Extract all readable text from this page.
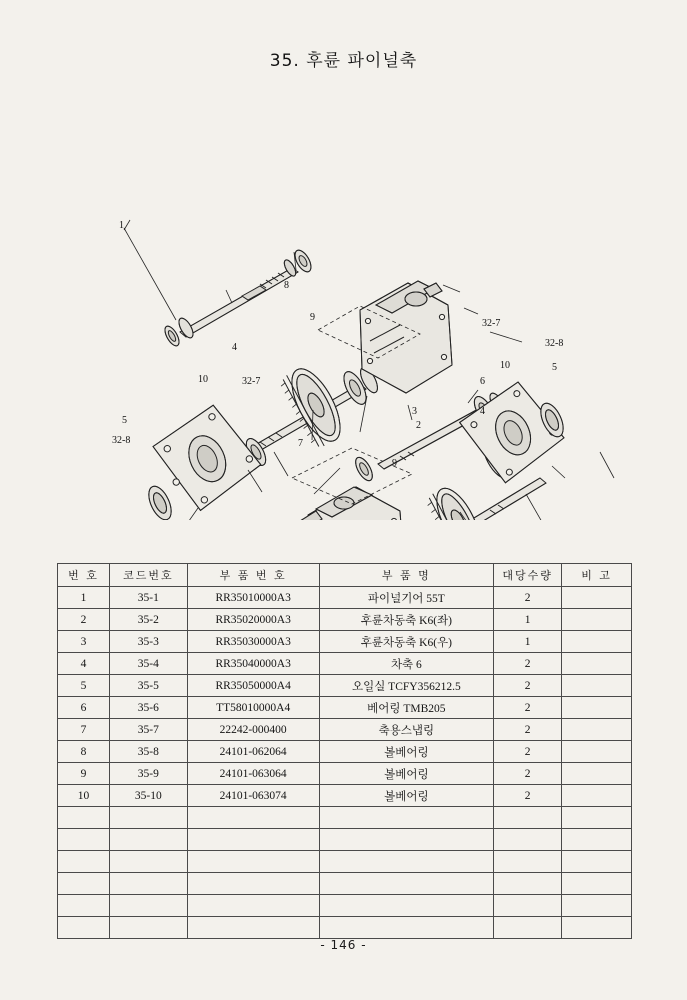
35. 후륜 파이널축
8
32-7
32-8
1
3
6
7
4
10
9
5
32-8
32-7
2
9
4
10	5
번 호	코드번호	부 품 번 호	부 품 명	대당수량	비 고
1	35-1	RR35010000A3	파이널기어 55T	2	
2	35-2	RR35020000A3	후륜차동축 K6(좌)	1	
3	35-3	RR35030000A3	후륜차동축 K6(우)	1	
4	35-4	RR35040000A3	차축 6	2	
5	35-5	RR35050000A4	오일실 TCFY356212.5	2	
6	35-6	TT58010000A4	베어링 TMB205	2	
7	35-7	22242-000400	축용스냅링	2	
8	35-8	24101-062064	볼베어링	2	
9	35-9	24101-063064	볼베어링	2	
10	35-10	24101-063074	볼베어링	2	

- 146 -
